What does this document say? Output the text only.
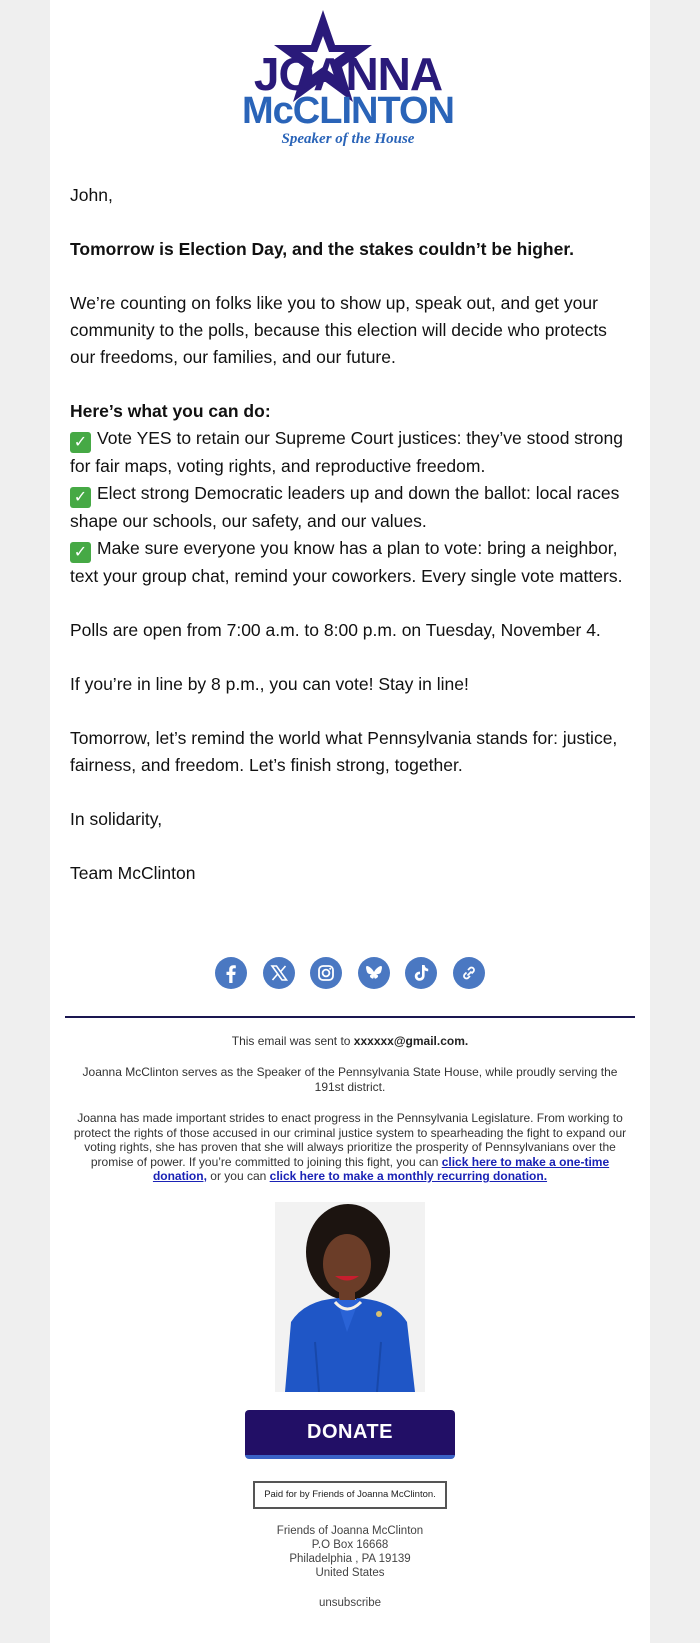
JOANNA
McCLINTON
Speaker of the House

John,

Tomorrow is Election Day, and the stakes couldn’t be higher.

We’re counting on folks like you to show up, speak out, and get your community to the polls, because this election will decide who protects our freedoms, our families, and our future.

Here’s what you can do:

✓ Vote YES to retain our Supreme Court justices: they’ve stood strong for fair maps, voting rights, and reproductive freedom.
✓ Elect strong Democratic leaders up and down the ballot: local races shape our schools, our safety, and our values.

✓ Make sure everyone you know has a plan to vote: bring a neighbor, text your group chat, remind your coworkers. Every single vote matters.

Polls are open from 7:00 a.m. to 8:00 p.m. on Tuesday, November 4.

If you’re in line by 8 p.m., you can vote! Stay in line!

Tomorrow, let’s remind the world what Pennsylvania stands for: justice, fairness, and freedom. Let’s finish strong, together.

In solidarity,

Team McClinton

This email was sent to xxxxxx@gmail.com.
Joanna McClinton serves as the Speaker of the Pennsylvania State House, while proudly serving the 191st district.
Joanna has made important strides to enact progress in the Pennsylvania Legislature. From working to protect the rights of those accused in our criminal justice system to spearheading the fight to expand our voting rights, she has proven that she will always prioritize the prosperity of Pennsylvanians over the promise of power. If you’re committed to joining this fight, you can click here to make a one-time donation, or you can click here to make a monthly recurring donation.
DONATE
Paid for by Friends of Joanna McClinton.
Friends of Joanna McClinton
P.O Box 16668
Philadelphia , PA 19139
United States
unsubscribe
